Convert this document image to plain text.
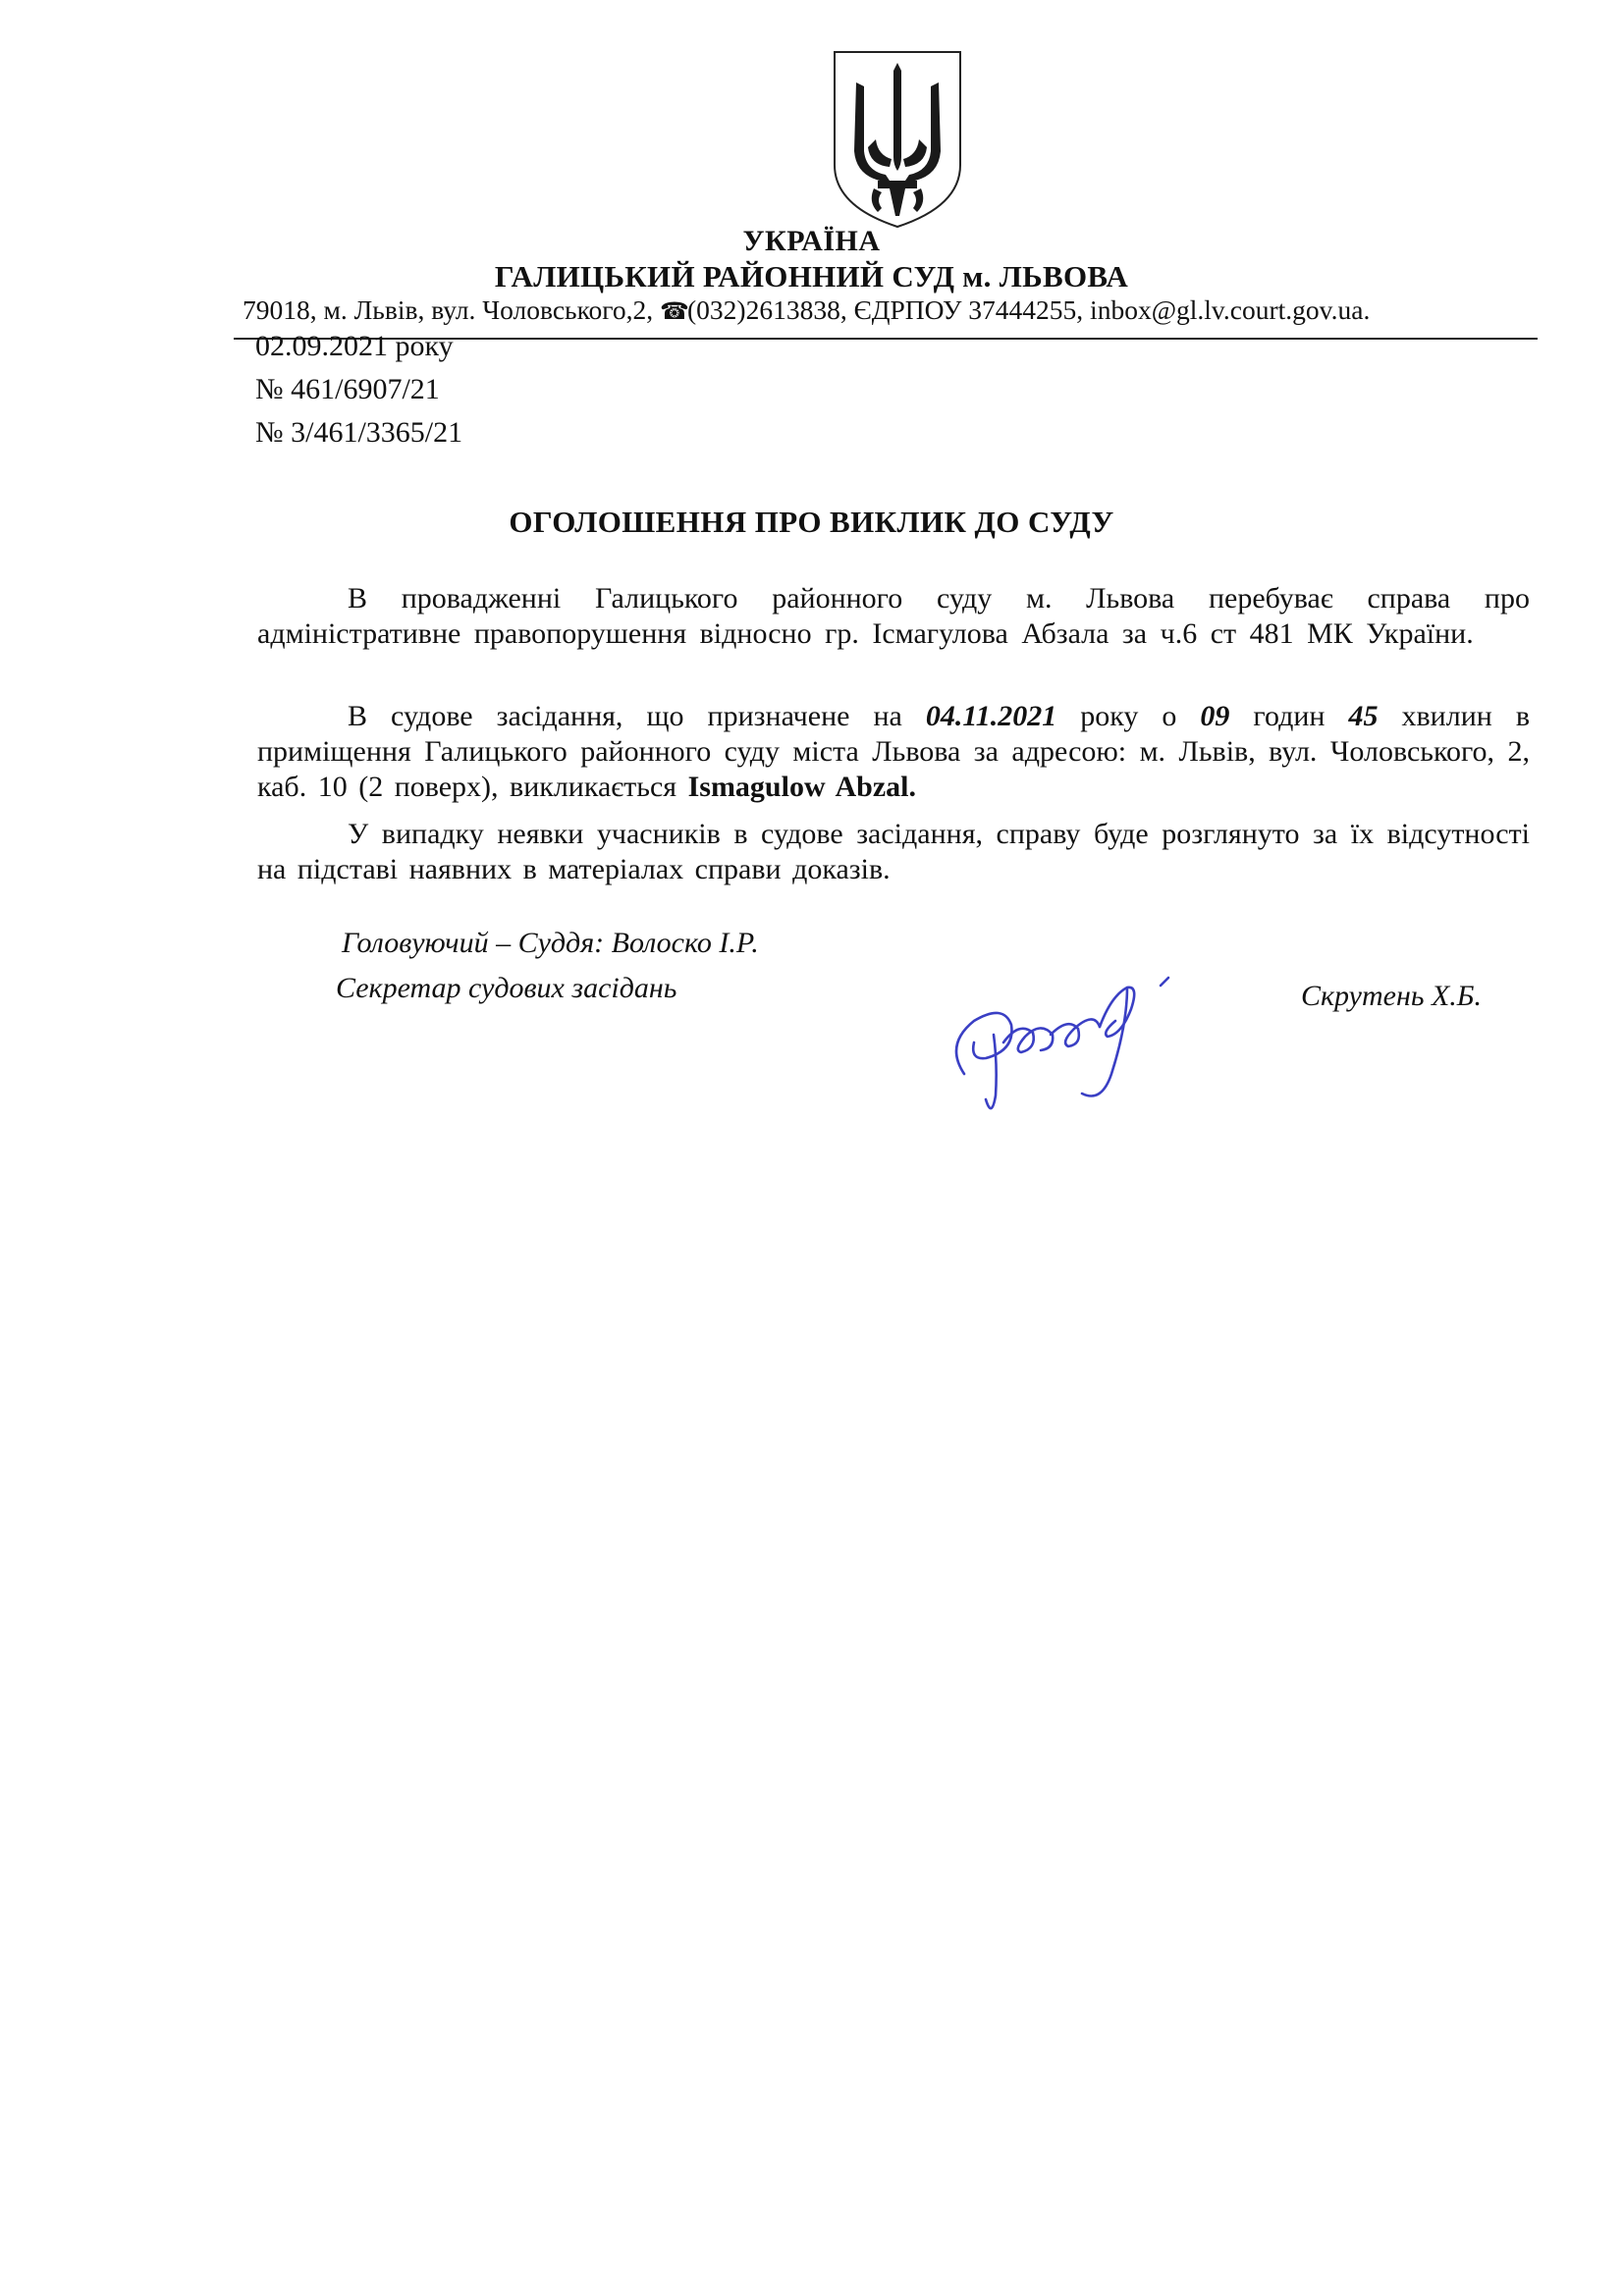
УКРАЇНА
ГАЛИЦЬКИЙ РАЙОННИЙ СУД м. ЛЬВОВА
79018, м. Львів, вул. Чоловського,2, ☎(032)2613838, ЄДРПОУ 37444255, inbox@gl.lv.court.gov.ua.
02.09.2021 року
№ 461/6907/21
№ 3/461/3365/21
ОГОЛОШЕННЯ ПРО ВИКЛИК ДО СУДУ
В провадженні Галицького районного суду м. Львова перебуває справа про адміністративне правопорушення відносно гр. Ісмагулова Абзала за ч.6 ст 481 МК України.
В судове засідання, що призначене на 04.11.2021 року о 09 годин 45 хвилин в приміщення Галицького районного суду міста Львова за адресою: м. Львів, вул. Чоловського, 2, каб. 10 (2 поверх), викликається Ismagulow Abzal.
У випадку неявки учасників в судове засідання, справу буде розглянуто за їх відсутності на підставі наявних в матеріалах справи доказів.
Головуючий – Суддя: Волоско І.Р.
Секретар судових засідань	Скрутень Х.Б.
